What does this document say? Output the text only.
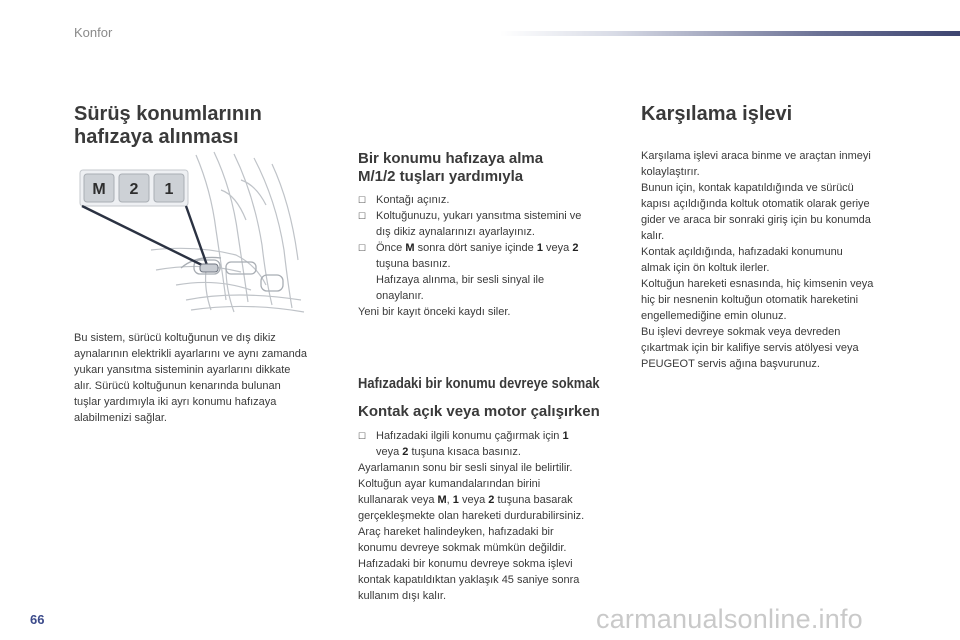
Konfor
Sürüş konumlarının
hafızaya alınması
M 2 1
Bu sistem, sürücü koltuğunun ve dış dikiz
aynalarının elektrikli ayarlarını ve aynı zamanda
yukarı yansıtma sisteminin ayarlarını dikkate
alır. Sürücü koltuğunun kenarında bulunan
tuşlar yardımıyla iki ayrı konumu hafızaya
alabilmenizi sağlar.
Bir konumu hafızaya alma
M/1/2 tuşları yardımıyla
☐ Kontağı açınız.
☐ Koltuğunuzu, yukarı yansıtma sistemini ve
dış dikiz aynalarınızı ayarlayınız.
☐ Önce M sonra dört saniye içinde 1 veya 2
tuşuna basınız.
Hafızaya alınma, bir sesli sinyal ile
onaylanır.
Yeni bir kayıt önceki kaydı siler.
Hafızadaki bir konumu devreye sokmak
Kontak açık veya motor çalışırken
☐ Hafızadaki ilgili konumu çağırmak için 1
veya 2 tuşuna kısaca basınız.
Ayarlamanın sonu bir sesli sinyal ile belirtilir.
Koltuğun ayar kumandalarından birini
kullanarak veya M, 1 veya 2 tuşuna basarak
gerçekleşmekte olan hareketi durdurabilirsiniz.
Araç hareket halindeyken, hafızadaki bir
konumu devreye sokmak mümkün değildir.
Hafızadaki bir konumu devreye sokma işlevi
kontak kapatıldıktan yaklaşık 45 saniye sonra
kullanım dışı kalır.
Karşılama işlevi
Karşılama işlevi araca binme ve araçtan inmeyi
kolaylaştırır.
Bunun için, kontak kapatıldığında ve sürücü
kapısı açıldığında koltuk otomatik olarak geriye
gider ve araca bir sonraki giriş için bu konumda
kalır.
Kontak açıldığında, hafızadaki konumunu
almak için ön koltuk ilerler.
Koltuğun hareketi esnasında, hiç kimsenin veya
hiç bir nesnenin koltuğun otomatik hareketini
engellemediğine emin olunuz.
Bu işlevi devreye sokmak veya devreden
çıkartmak için bir kalifiye servis atölyesi veya
PEUGEOT servis ağına başvurunuz.
66	carmanualsonline.info
